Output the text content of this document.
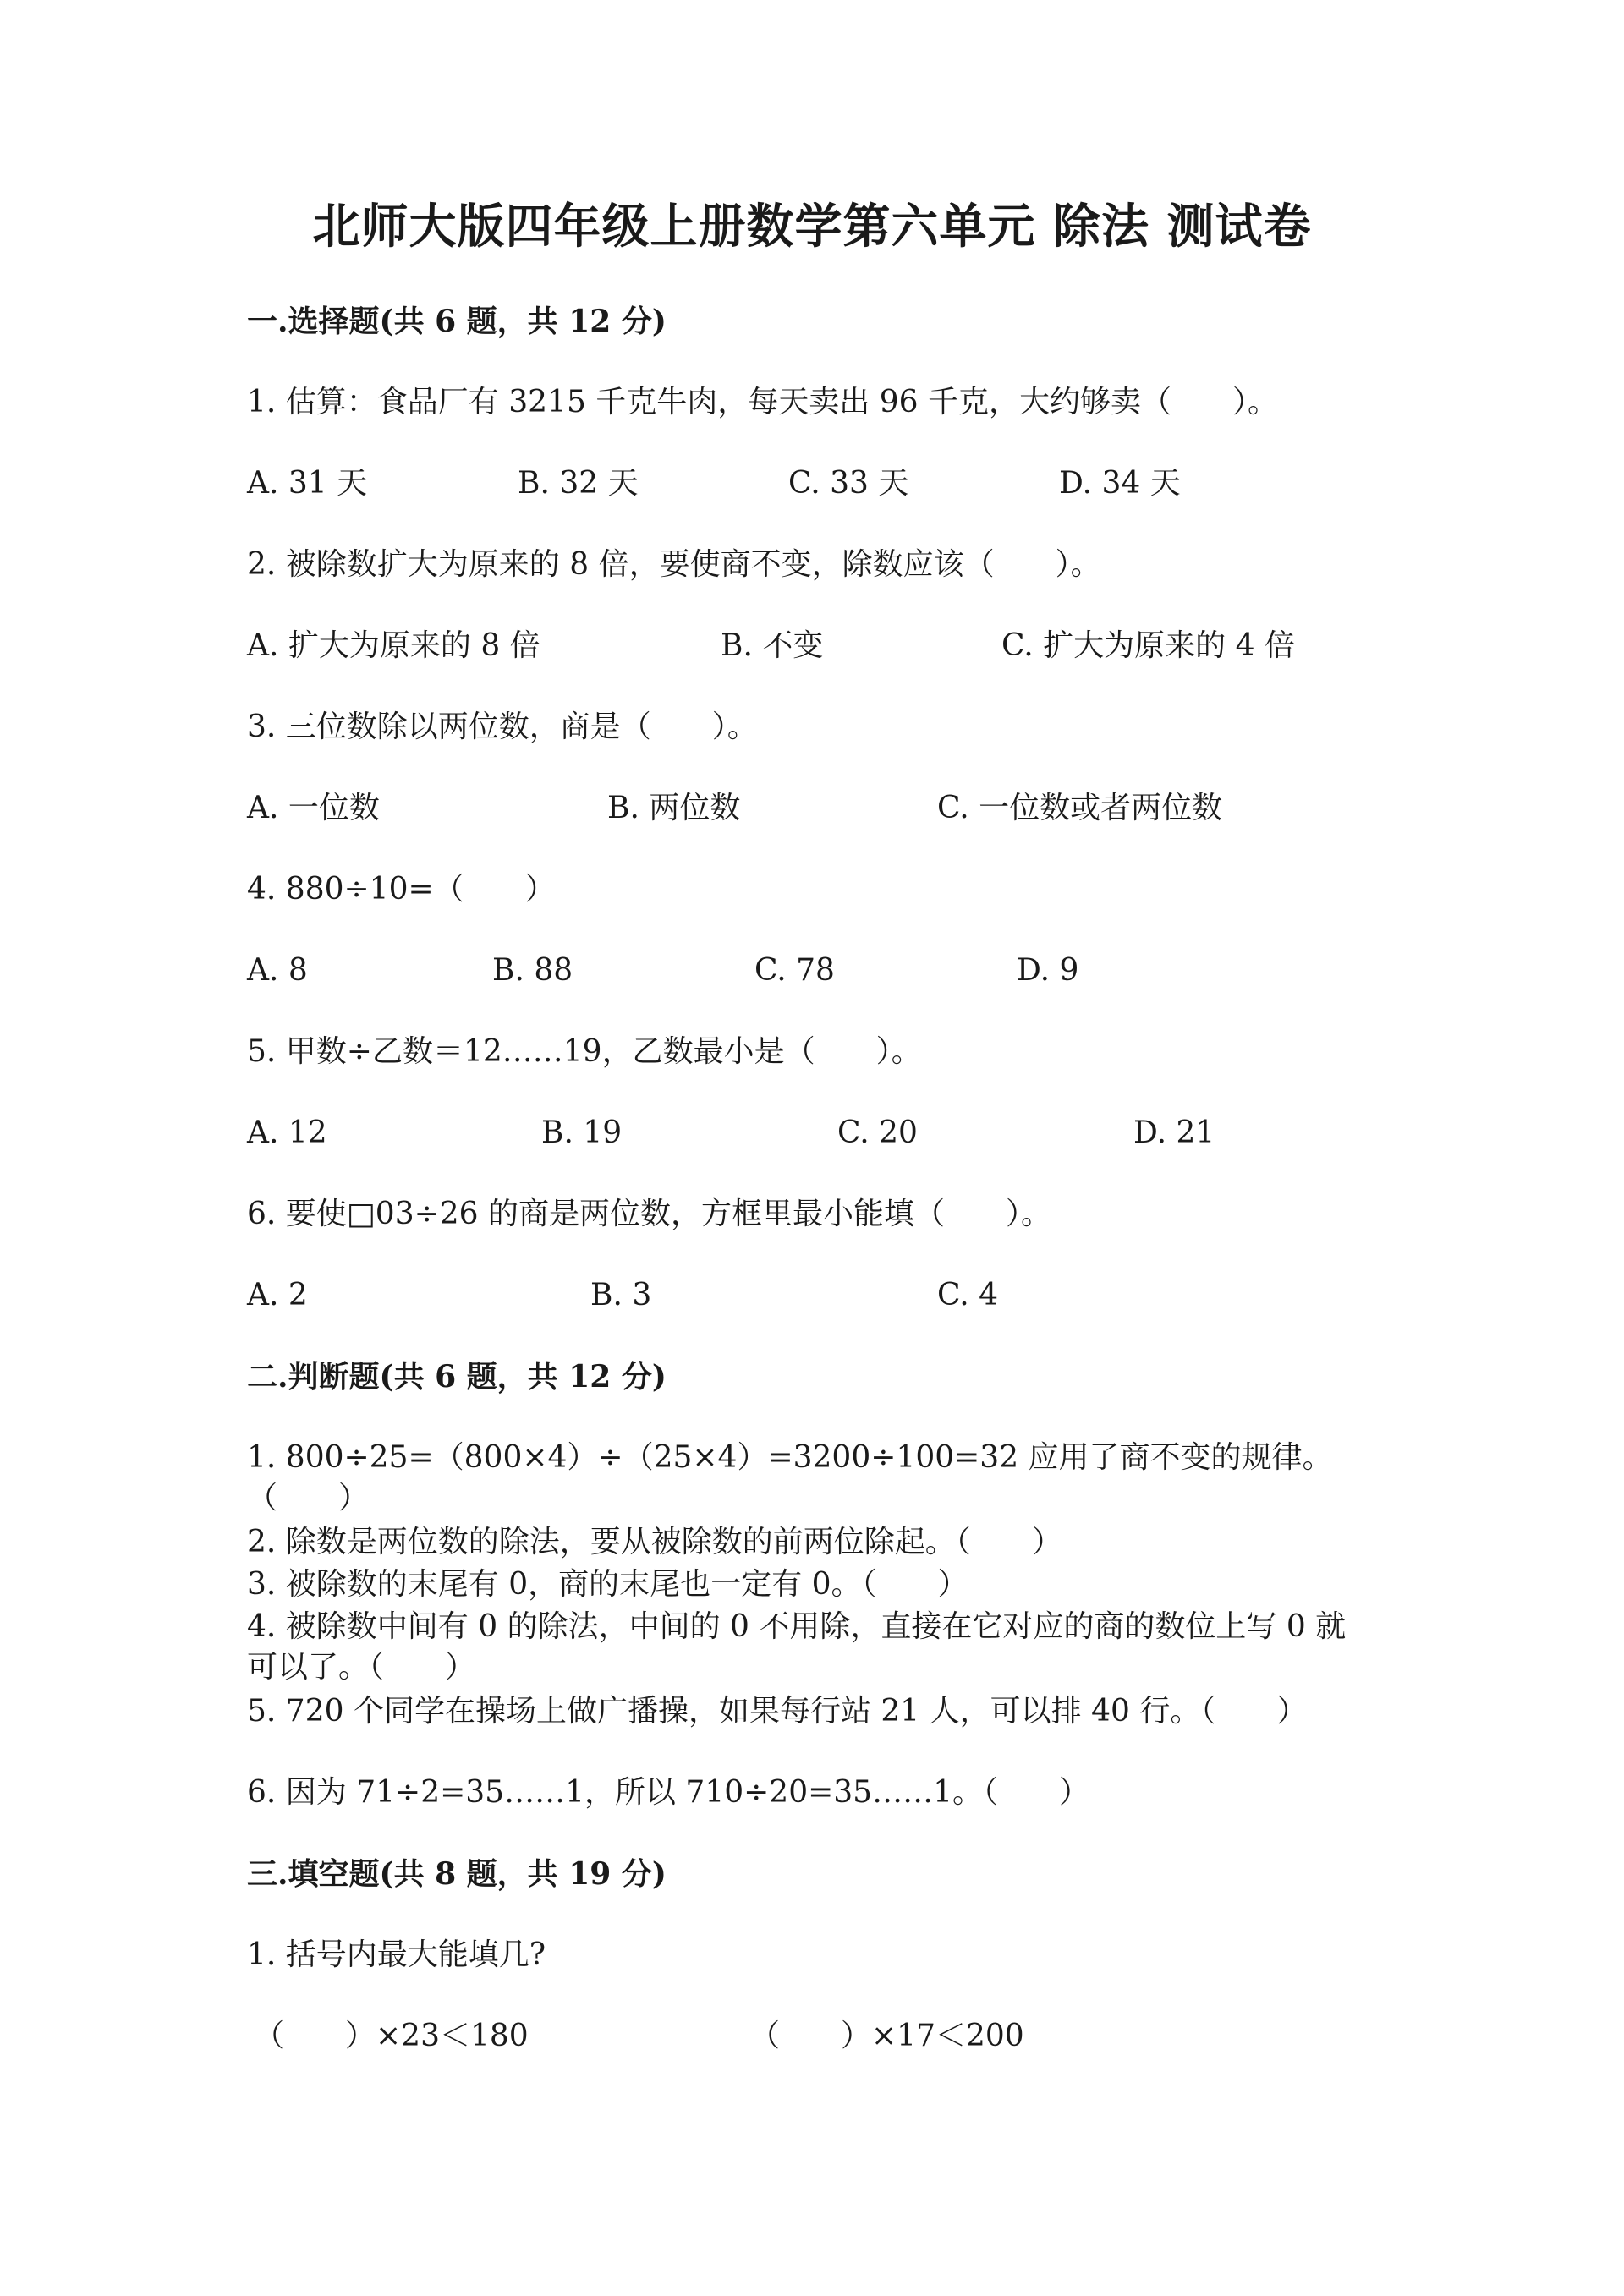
北师大版四年级上册数学第六单元 除法 测试卷
一.选择题(共 6 题，共 12 分)
1. 估算：食品厂有 3215 千克牛肉，每天卖出 96 千克，大约够卖（　　）。
A. 31 天	B. 32 天	C. 33 天	D. 34 天
2. 被除数扩大为原来的 8 倍，要使商不变，除数应该（　　）。
A. 扩大为原来的 8 倍	B. 不变	C. 扩大为原来的 4 倍
3. 三位数除以两位数，商是（　　）。
A. 一位数	B. 两位数	C. 一位数或者两位数
4. 880÷10=（　　）
A. 8	B. 88	C. 78	D. 9
5. 甲数÷乙数＝12……19，乙数最小是（　　）。
A. 12	B. 19	C. 20	D. 21
6. 要使□03÷26 的商是两位数，方框里最小能填（　　）。
A. 2	B. 3	C. 4
二.判断题(共 6 题，共 12 分)
1. 800÷25=（800×4）÷（25×4）=3200÷100=32 应用了商不变的规律。（　　）
2. 除数是两位数的除法，要从被除数的前两位除起。（　　）
3. 被除数的末尾有 0，商的末尾也一定有 0。（　　）
4. 被除数中间有 0 的除法，中间的 0 不用除，直接在它对应的商的数位上写 0 就可以了。（　　）
5. 720 个同学在操场上做广播操，如果每行站 21 人，可以排 40 行。（　　）
6. 因为 71÷2=35……1，所以 710÷20=35……1。（　　）
三.填空题(共 8 题，共 19 分)
1. 括号内最大能填几?
（　　）×23＜180	（　　）×17＜200
